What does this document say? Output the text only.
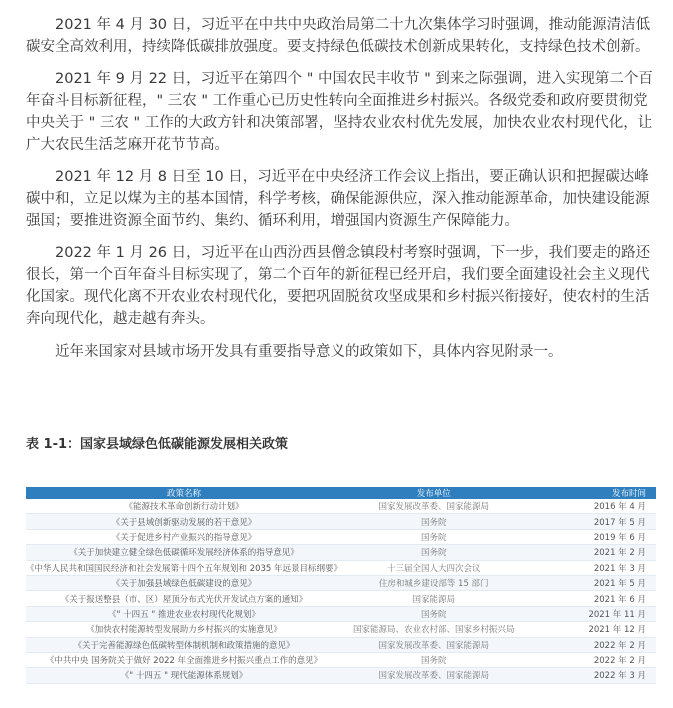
2021 年 4 月 30 日，习近平在中共中央政治局第二十九次集体学习时强调，推动能源清洁低碳安全高效利用，持续降低碳排放强度。要支持绿色低碳技术创新成果转化，支持绿色技术创新。

2021 年 9 月 22 日，习近平在第四个 " 中国农民丰收节 " 到来之际强调，进入实现第二个百年奋斗目标新征程，" 三农 " 工作重心已历史性转向全面推进乡村振兴。各级党委和政府要贯彻党中央关于 " 三农 " 工作的大政方针和决策部署，坚持农业农村优先发展，加快农业农村现代化，让广大农民生活芝麻开花节节高。

2021 年 12 月 8 日至 10 日，习近平在中央经济工作会议上指出，要正确认识和把握碳达峰碳中和，立足以煤为主的基本国情，科学考核，确保能源供应，深入推动能源革命，加快建设能源强国；要推进资源全面节约、集约、循环利用，增强国内资源生产保障能力。

2022 年 1 月 26 日，习近平在山西汾西县僧念镇段村考察时强调，下一步，我们要走的路还很长，第一个百年奋斗目标实现了，第二个百年的新征程已经开启，我们要全面建设社会主义现代化国家。现代化离不开农业农村现代化，要把巩固脱贫攻坚成果和乡村振兴衔接好，使农村的生活奔向现代化，越走越有奔头。

近年来国家对县域市场开发具有重要指导意义的政策如下，具体内容见附录一。

表 1-1：国家县域绿色低碳能源发展相关政策

政策名称	发布单位	发布时间
《能源技术革命创新行动计划》	国家发展改革委、国家能源局	2016 年 4 月
《关于县域创新驱动发展的若干意见》	国务院	2017 年 5 月
《关于促进乡村产业振兴的指导意见》	国务院	2019 年 6 月
《关于加快建立健全绿色低碳循环发展经济体系的指导意见》	国务院	2021 年 2 月
《中华人民共和国国民经济和社会发展第十四个五年规划和 2035 年远景目标纲要》	十三届全国人大四次会议	2021 年 3 月
《关于加强县域绿色低碳建设的意见》	住房和城乡建设部等 15 部门	2021 年 5 月
《关于报送整县（市、区）屋顶分布式光伏开发试点方案的通知》	国家能源局	2021 年 6 月
《" 十四五 " 推进农业农村现代化规划》	国务院	2021 年 11 月
《加快农村能源转型发展助力乡村振兴的实施意见》	国家能源局、农业农村部、国家乡村振兴局	2021 年 12 月
《关于完善能源绿色低碳转型体制机制和政策措施的意见》	国家发展改革委、国家能源局	2022 年 2 月
《中共中央 国务院关于做好 2022 年全面推进乡村振兴重点工作的意见》	国务院	2022 年 2 月
《" 十四五 " 现代能源体系规划》	国家发展改革委、国家能源局	2022 年 3 月
